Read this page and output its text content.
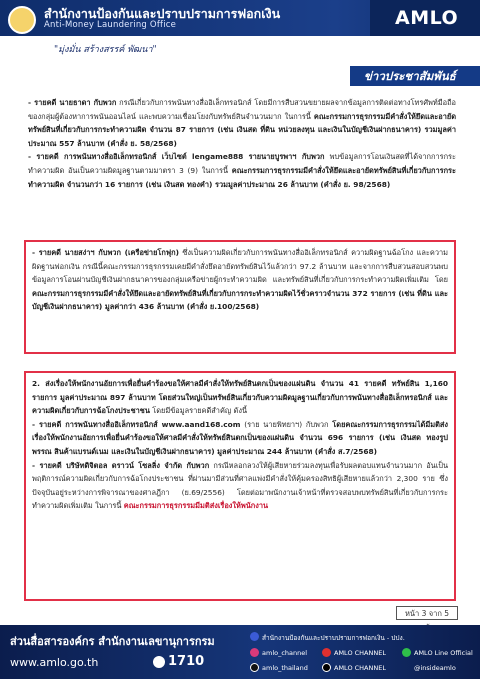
สำนักงานป้องกันและปราบปรามการฟอกเงิน
Anti-Money Laundering Office	AMLO
"มุ่งมั่น สร้างสรรค์ พัฒนา"
ข่าวประชาสัมพันธ์

- รายคดี นายธาดา กับพวก กรณีเกี่ยวกับการพนันทางสื่ออิเล็กทรอนิกส์ โดยมีการสืบสวนขยายผลจากข้อมูลการติดต่อทางโทรศัพท์มือถือของกลุ่มผู้ต้องหาการพนันออนไลน์ และพบความเชื่อมโยงกับทรัพย์สินจำนวนมาก ในการนี้ คณะกรรมการธุรกรรมมีคำสั่งให้ยึดและอายัดทรัพย์สินที่เกี่ยวกับการกระทำความผิด จำนวน 87 รายการ (เช่น เงินสด ที่ดิน หน่วยลงทุน และเงินในบัญชีเงินฝากธนาคาร) รวมมูลค่าประมาณ 557 ล้านบาท (คำสั่ง ย. 58/2568)

- รายคดี การพนันทางสื่ออิเล็กทรอนิกส์ เว็บไซต์ lengame888 รายนายบูรพาฯ กับพวก พบข้อมูลการโอนเงินสดที่ได้จากการกระทำความผิด อันเป็นความผิดมูลฐานตามมาตรา 3 (9) ในการนี้ คณะกรรมการธุรกรรมมีคำสั่งให้ยึดและอายัดทรัพย์สินที่เกี่ยวกับการกระทำความผิด จำนวนกว่า 16 รายการ (เช่น เงินสด ทองคำ) รวมมูลค่าประมาณ 26 ล้านบาท (คำสั่ง ย. 98/2568)

- รายคดี นายสง่าฯ กับพวก (เครือข่ายโกฟุก) ซึ่งเป็นความผิดเกี่ยวกับการพนันทางสื่ออิเล็กทรอนิกส์ ความผิดฐานฉ้อโกง และความผิดฐานฟอกเงิน กรณีนี้คณะกรรมการธุรกรรมเคยมีคำสั่งยึดอายัดทรัพย์สินไว้แล้วกว่า 97.2 ล้านบาท และจากการสืบสวนสอบสวนพบข้อมูลการโอนผ่านบัญชีเงินฝากธนาคารของกลุ่มเครือข่ายผู้กระทำความผิด และทรัพย์สินที่เกี่ยวกับการกระทำความผิดเพิ่มเติม โดยคณะกรรมการธุรกรรมมีคำสั่งให้ยึดและอายัดทรัพย์สินที่เกี่ยวกับการกระทำความผิดไว้ชั่วคราวจำนวน 372 รายการ (เช่น ที่ดิน และบัญชีเงินฝากธนาคาร) มูลค่ากว่า 436 ล้านบาท (คำสั่ง ย.100/2568)

2. ส่งเรื่องให้พนักงานอัยการเพื่อยื่นคำร้องขอให้ศาลมีคำสั่งให้ทรัพย์สินตกเป็นของแผ่นดิน จำนวน 41 รายคดี ทรัพย์สิน 1,160 รายการ มูลค่าประมาณ 897 ล้านบาท โดยส่วนใหญ่เป็นทรัพย์สินเกี่ยวกับความผิดมูลฐานเกี่ยวกับการพนันทางสื่ออิเล็กทรอนิกส์ และความผิดเกี่ยวกับการฉ้อโกงประชาชน โดยมีข้อมูลรายคดีสำคัญ ดังนี้

- รายคดี การพนันทางสื่ออิเล็กทรอนิกส์ www.aand168.com (ราย นายพิทยาฯ) กับพวก โดยคณะกรรมการธุรกรรมได้มีมติส่งเรื่องให้พนักงานอัยการเพื่อยื่นคำร้องขอให้ศาลมีคำสั่งให้ทรัพย์สินตกเป็นของแผ่นดิน จำนวน 696 รายการ (เช่น เงินสด ทองรูปพรรณ สินค้าแบรนด์เนม และเงินในบัญชีเงินฝากธนาคาร) มูลค่าประมาณ 244 ล้านบาท (คำสั่ง ส.7/2568)

- รายคดี บริษัทดิจิตอล ดราวน์ โซลลิ่ง จำกัด กับพวก กรณีหลอกลวงให้ผู้เสียหายร่วมลงทุนเพื่อรับผลตอบแทนจำนวนมาก อันเป็นพฤติการณ์ความผิดเกี่ยวกับการฉ้อโกงประชาชน ที่ผ่านมามีส่วนที่ศาลแพ่งมีคำสั่งให้คุ้มครองสิทธิผู้เสียหายแล้วกว่า 2,300 ราย ซึ่งปัจจุบันอยู่ระหว่างการพิจารณาของศาลฎีกา (ย.69/2556) โดยต่อมาพนักงานเจ้าหน้าที่ตรวจสอบพบทรัพย์สินที่เกี่ยวกับการกระทำความผิดเพิ่มเติม ในการนี้ คณะกรรมการธุรกรรมมีมติส่งเรื่องให้พนักงาน

หน้า 3 จาก 5
ส่วนสื่อสารองค์กร สำนักงานเลขานุการกรม
www.amlo.go.th	1710
สำนักงานป้องกันและปราบปรามการฟอกเงิน - ปปง.
amlo_channel	AMLO CHANNEL	AMLO Line Official
amlo_thailand	AMLO CHANNEL	@insideamlo
